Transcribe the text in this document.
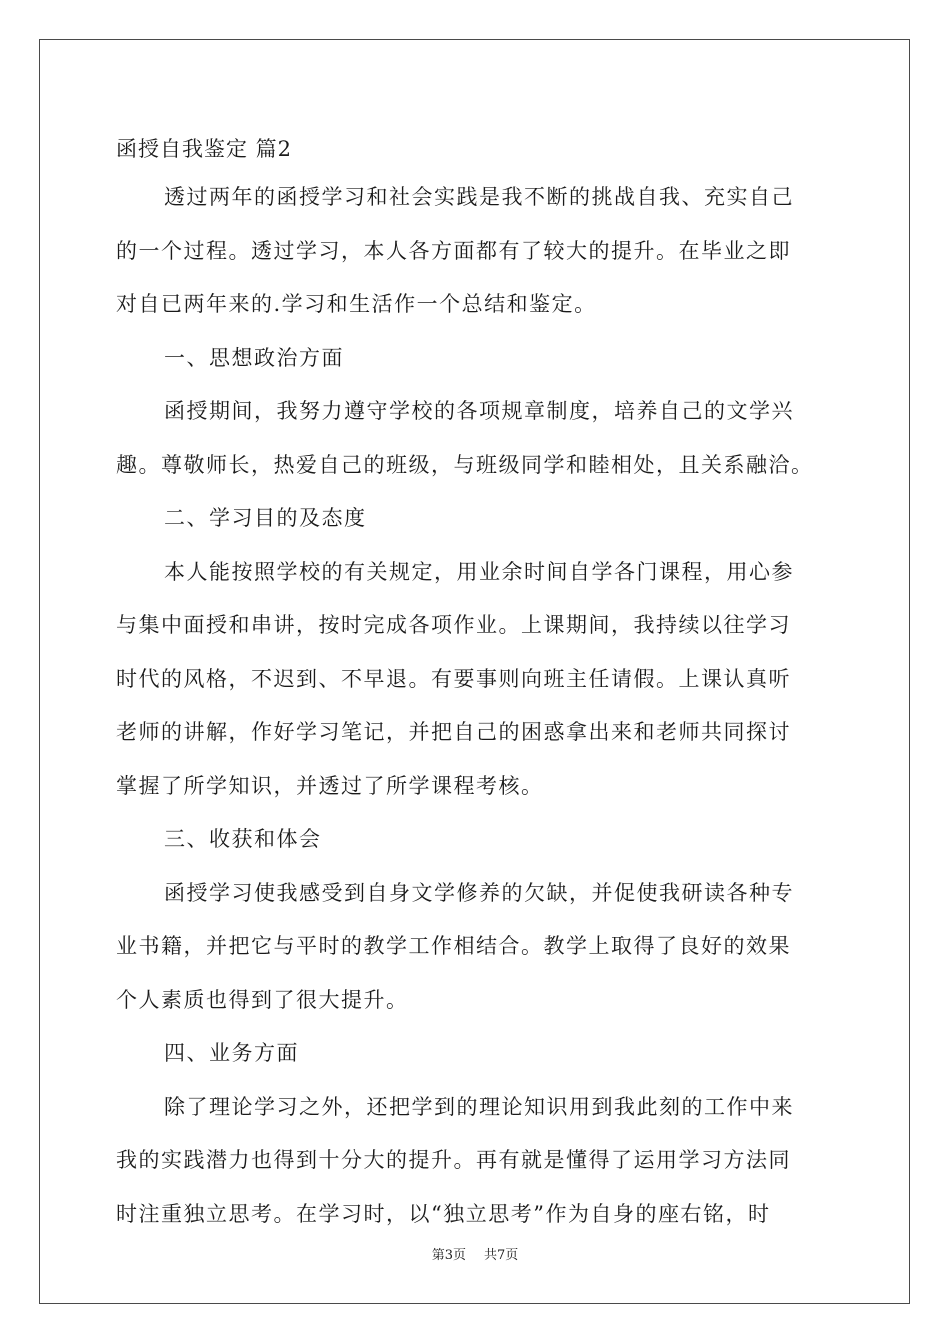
函授自我鉴定 篇2

透过两年的函授学习和社会实践是我不断的挑战自我、充实自己

的一个过程。透过学习，本人各方面都有了较大的提升。在毕业之即

对自已两年来的.学习和生活作一个总结和鉴定。

一、思想政治方面

函授期间，我努力遵守学校的各项规章制度，培养自己的文学兴

趣。尊敬师长，热爱自己的班级，与班级同学和睦相处，且关系融洽。

二、学习目的及态度

本人能按照学校的有关规定，用业余时间自学各门课程，用心参

与集中面授和串讲，按时完成各项作业。上课期间，我持续以往学习

时代的风格，不迟到、不早退。有要事则向班主任请假。上课认真听

老师的讲解，作好学习笔记，并把自己的困惑拿出来和老师共同探讨

掌握了所学知识，并透过了所学课程考核。

三、收获和体会

函授学习使我感受到自身文学修养的欠缺，并促使我研读各种专

业书籍，并把它与平时的教学工作相结合。教学上取得了良好的效果

个人素质也得到了很大提升。

四、业务方面

除了理论学习之外，还把学到的理论知识用到我此刻的工作中来

我的实践潜力也得到十分大的提升。再有就是懂得了运用学习方法同

时注重独立思考。在学习时，以“独立思考”作为自身的座右铭，时

第3页 共7页
